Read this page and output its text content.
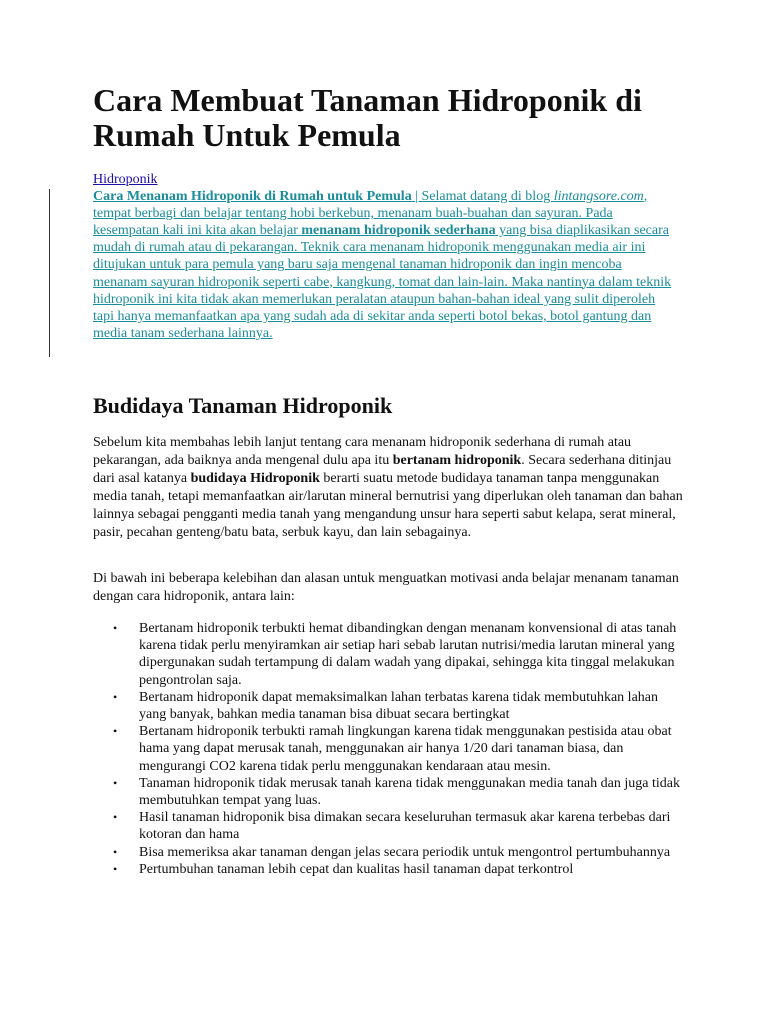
Cara Membuat Tanaman Hidroponik di Rumah Untuk Pemula
Hidroponik
Cara Menanam Hidroponik di Rumah untuk Pemula | Selamat datang di blog lintangsore.com, tempat berbagi dan belajar tentang hobi berkebun, menanam buah-buahan dan sayuran. Pada kesempatan kali ini kita akan belajar menanam hidroponik sederhana yang bisa diaplikasikan secara mudah di rumah atau di pekarangan. Teknik cara menanam hidroponik menggunakan media air ini ditujukan untuk para pemula yang baru saja mengenal tanaman hidroponik dan ingin mencoba menanam sayuran hidroponik seperti cabe, kangkung, tomat dan lain-lain. Maka nantinya dalam teknik hidroponik ini kita tidak akan memerlukan peralatan ataupun bahan-bahan ideal yang sulit diperoleh tapi hanya memanfaatkan apa yang sudah ada di sekitar anda seperti botol bekas, botol gantung dan media tanam sederhana lainnya.
Budidaya Tanaman Hidroponik

Sebelum kita membahas lebih lanjut tentang cara menanam hidroponik sederhana di rumah atau pekarangan, ada baiknya anda mengenal dulu apa itu bertanam hidroponik. Secara sederhana ditinjau dari asal katanya budidaya Hidroponik berarti suatu metode budidaya tanaman tanpa menggunakan media tanah, tetapi memanfaatkan air/larutan mineral bernutrisi yang diperlukan oleh tanaman dan bahan lainnya sebagai pengganti media tanah yang mengandung unsur hara seperti sabut kelapa, serat mineral, pasir, pecahan genteng/batu bata, serbuk kayu, dan lain sebagainya.

Di bawah ini beberapa kelebihan dan alasan untuk menguatkan motivasi anda belajar menanam tanaman dengan cara hidroponik, antara lain:

• Bertanam hidroponik terbukti hemat dibandingkan dengan menanam konvensional di atas tanah karena tidak perlu menyiramkan air setiap hari sebab larutan nutrisi/media larutan mineral yang dipergunakan sudah tertampung di dalam wadah yang dipakai, sehingga kita tinggal melakukan pengontrolan saja.
• Bertanam hidroponik dapat memaksimalkan lahan terbatas karena tidak membutuhkan lahan yang banyak, bahkan media tanaman bisa dibuat secara bertingkat
• Bertanam hidroponik terbukti ramah lingkungan karena tidak menggunakan pestisida atau obat hama yang dapat merusak tanah, menggunakan air hanya 1/20 dari tanaman biasa, dan mengurangi CO2 karena tidak perlu menggunakan kendaraan atau mesin.
• Tanaman hidroponik tidak merusak tanah karena tidak menggunakan media tanah dan juga tidak membutuhkan tempat yang luas.
• Hasil tanaman hidroponik bisa dimakan secara keseluruhan termasuk akar karena terbebas dari kotoran dan hama
• Bisa memeriksa akar tanaman dengan jelas secara periodik untuk mengontrol pertumbuhannya
• Pertumbuhan tanaman lebih cepat dan kualitas hasil tanaman dapat terkontrol
